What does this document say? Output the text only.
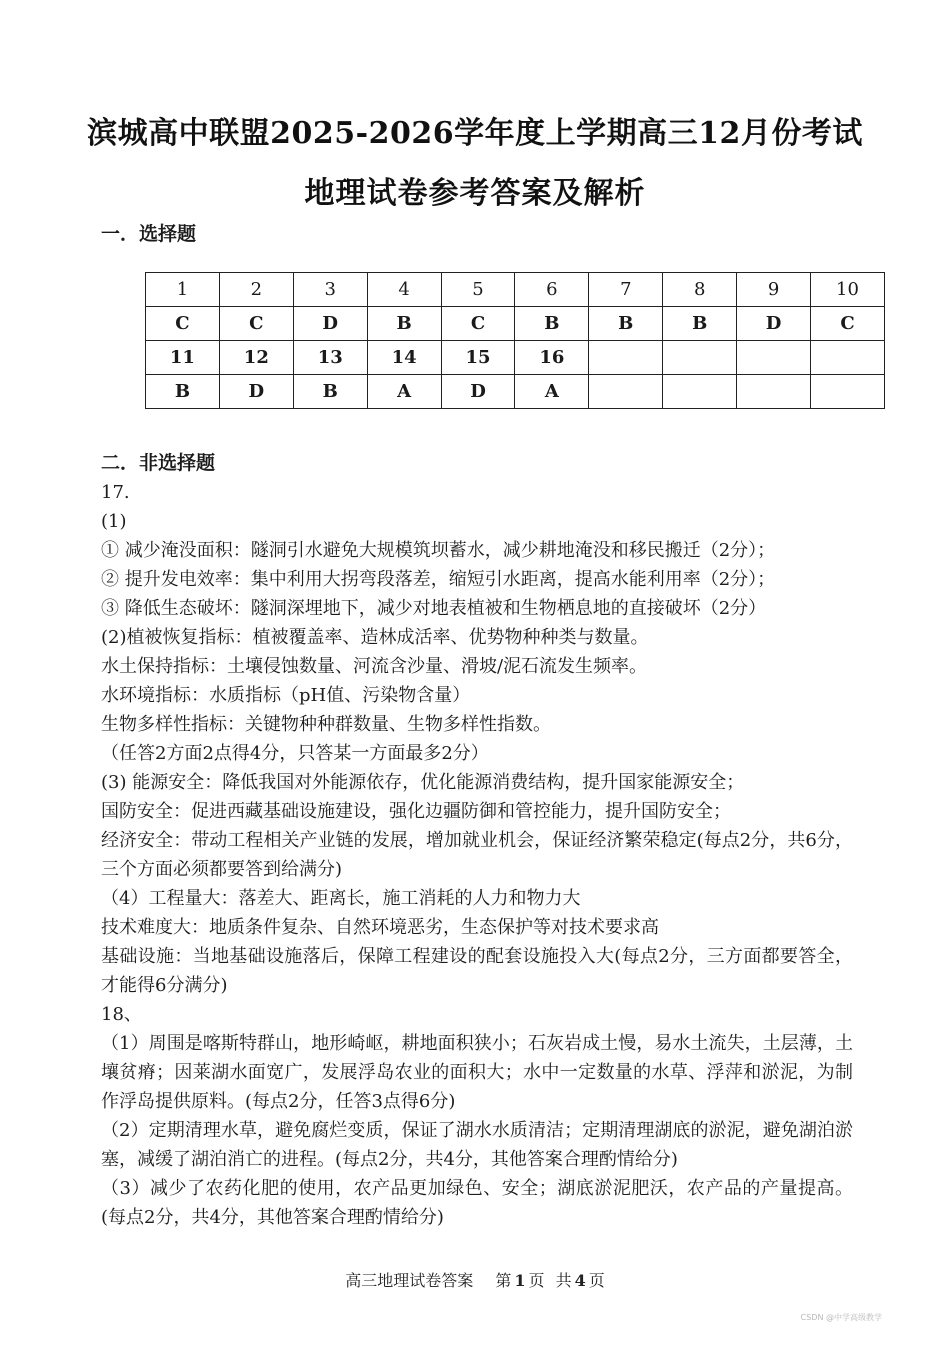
滨城高中联盟2025-2026学年度上学期高三12月份考试
地理试卷参考答案及解析
一．选择题
1	2	3	4	5	6	7	8	9	10
C	C	D	B	C	B	B	B	D	C
11	12	13	14	15	16				
B	D	B	A	D	A				
二．非选择题

17.

(1)

① 减少淹没面积：隧洞引水避免大规模筑坝蓄水，减少耕地淹没和移民搬迁（2分）；

② 提升发电效率：集中利用大拐弯段落差，缩短引水距离，提高水能利用率（2分）；

③ 降低生态破坏：隧洞深埋地下，减少对地表植被和生物栖息地的直接破坏（2分）

(2)植被恢复指标：植被覆盖率、造林成活率、优势物种种类与数量。

水土保持指标：土壤侵蚀数量、河流含沙量、滑坡/泥石流发生频率。

水环境指标：水质指标（pH值、污染物含量）

生物多样性指标：关键物种种群数量、生物多样性指数。

（任答2方面2点得4分，只答某一方面最多2分）

(3) 能源安全：降低我国对外能源依存，优化能源消费结构，提升国家能源安全；

国防安全：促进西藏基础设施建设，强化边疆防御和管控能力，提升国防安全；

经济安全：带动工程相关产业链的发展，增加就业机会，保证经济繁荣稳定(每点2分，共6分，三个方面必须都要答到给满分)

（4）工程量大：落差大、距离长，施工消耗的人力和物力大

技术难度大：地质条件复杂、自然环境恶劣，生态保护等对技术要求高

基础设施：当地基础设施落后，保障工程建设的配套设施投入大(每点2分，三方面都要答全，才能得6分满分)

18、

（1）周围是喀斯特群山，地形崎岖，耕地面积狭小；石灰岩成土慢，易水土流失，土层薄，土壤贫瘠；因莱湖水面宽广，发展浮岛农业的面积大；水中一定数量的水草、浮萍和淤泥，为制作浮岛提供原料。(每点2分，任答3点得6分)

（2）定期清理水草，避免腐烂变质，保证了湖水水质清洁；定期清理湖底的淤泥，避免湖泊淤塞，减缓了湖泊消亡的进程。(每点2分，共4分，其他答案合理酌情给分)

（3）减少了农药化肥的使用，农产品更加绿色、安全；湖底淤泥肥沃，农产品的产量提高。(每点2分，共4分，其他答案合理酌情给分)

高三地理试卷答案 第 1 页 共 4 页
CSDN @中学高级教学
